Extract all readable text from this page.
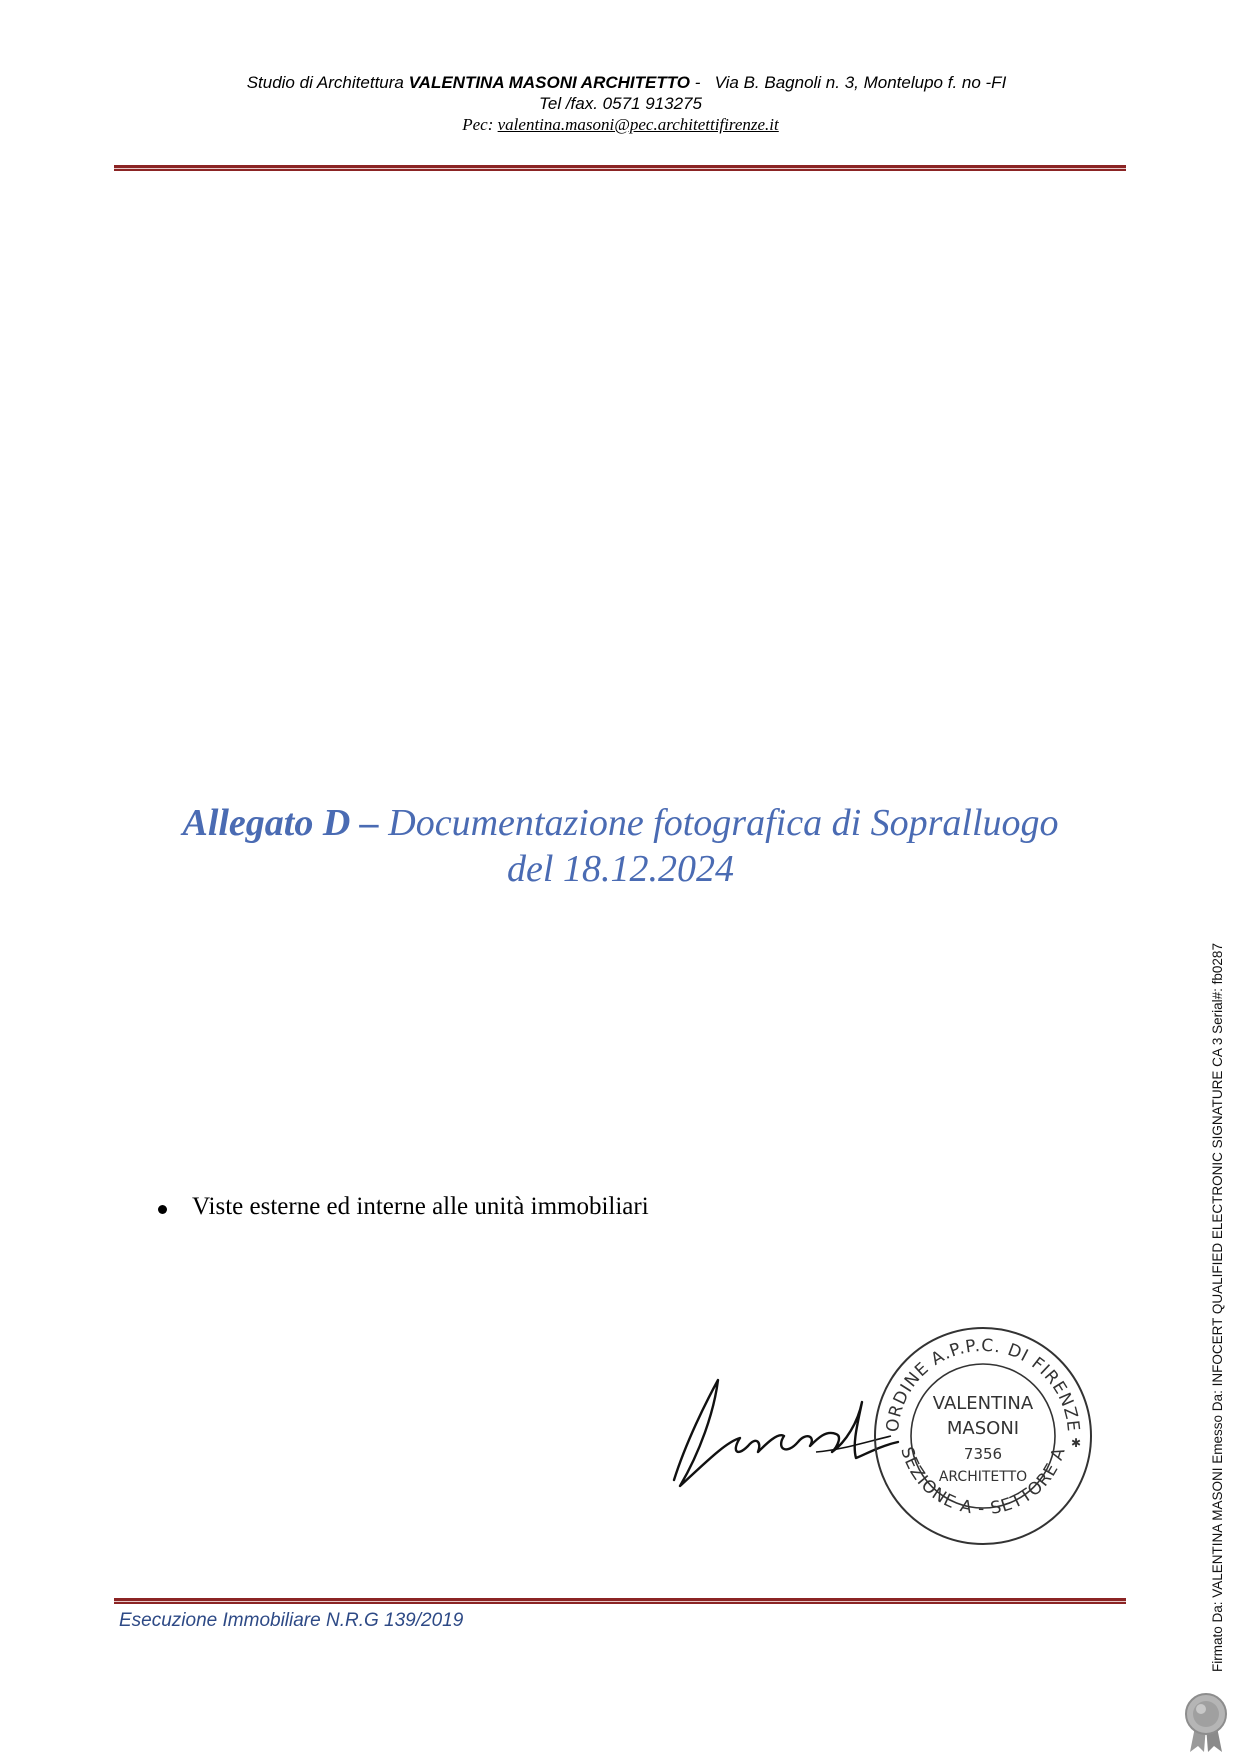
Studio di Architettura VALENTINA MASONI ARCHITETTO -   Via B. Bagnoli n. 3, Montelupo f. no -FI
Tel /fax. 0571 913275
Pec: valentina.masoni@pec.architettifirenze.it
Allegato D – Documentazione fotografica di Sopralluogo
del 18.12.2024
Viste esterne ed interne alle unità immobiliari
ORDINE A.P.P.C. DI FIRENZE
SEZIONE A - SETTORE A
VALENTINA
MASONI
7356
ARCHITETTO
✱
Esecuzione Immobiliare N.R.G 139/2019	Firmato Da: VALENTINA MASONI Emesso Da: INFOCERT QUALIFIED ELECTRONIC SIGNATURE CA 3 Serial#: fb0287
